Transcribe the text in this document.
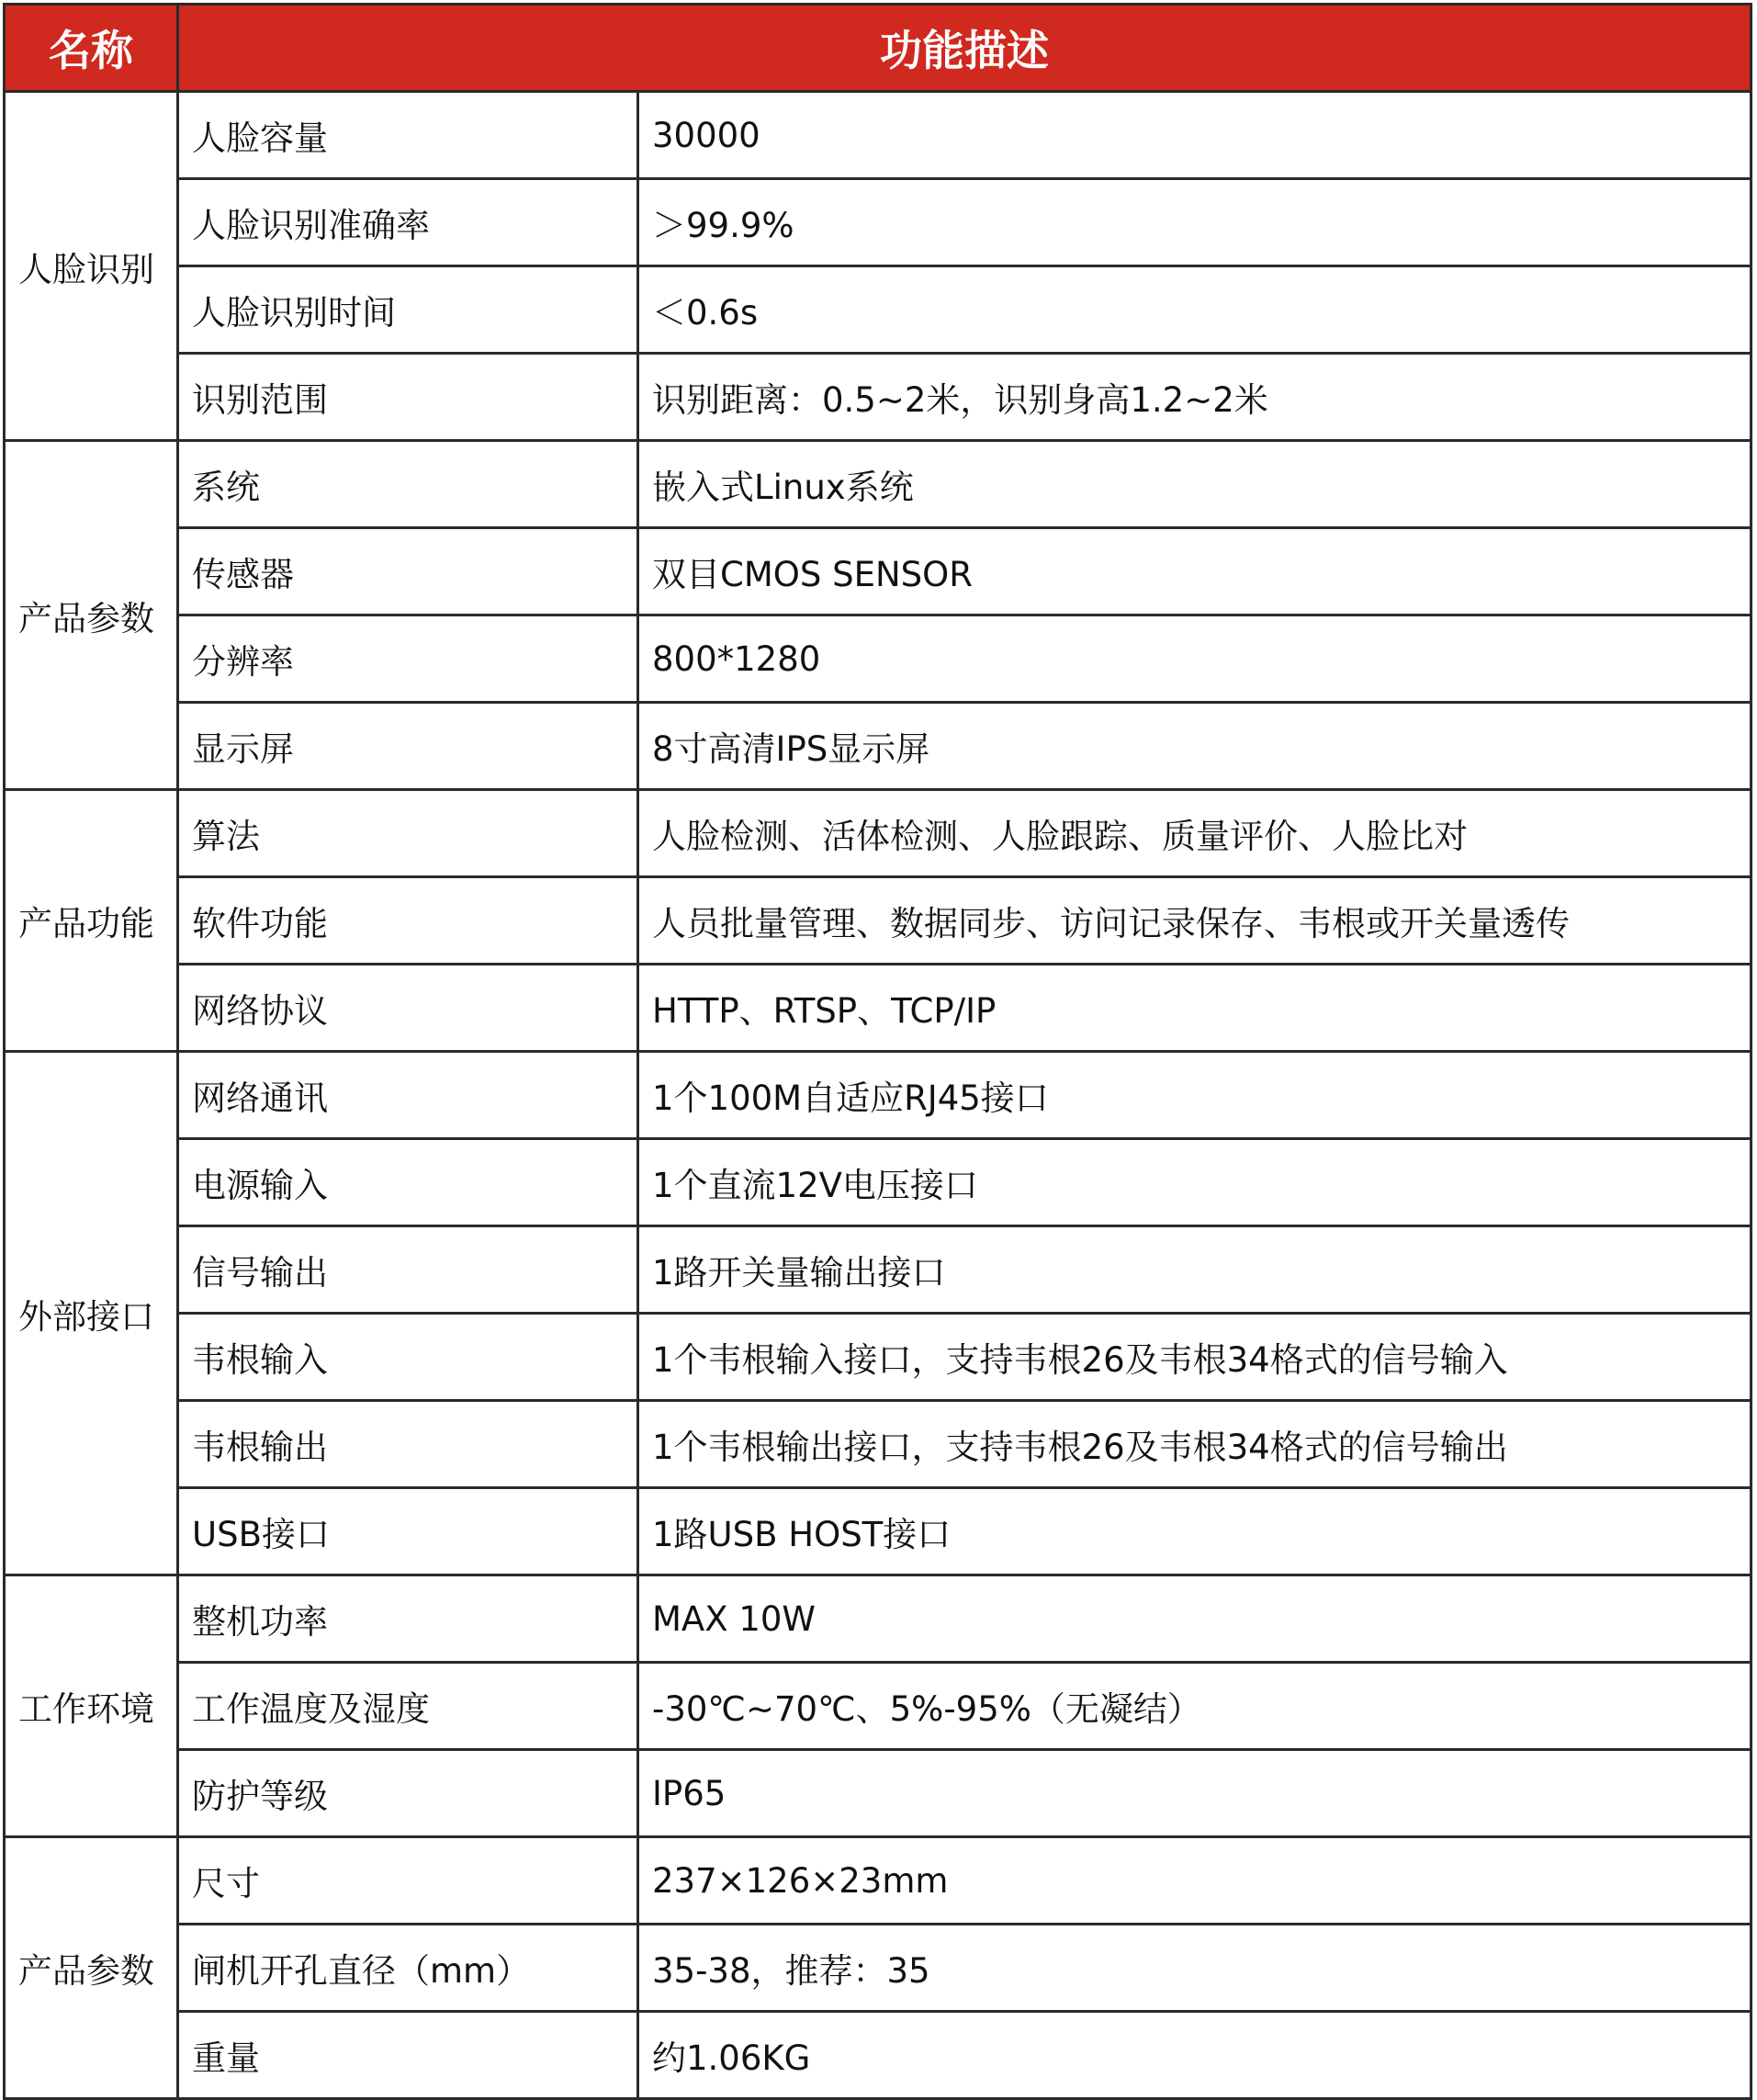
名称	功能描述	
人脸识别	人脸容量	30000
	人脸识别准确率	＞99.9%
	人脸识别时间	＜0.6s
	识别范围	识别距离：0.5~2米，识别身高1.2~2米
产品参数	系统	嵌入式Linux系统
	传感器	双目CMOS SENSOR
	分辨率	800*1280
	显示屏	8寸高清IPS显示屏
产品功能	算法	人脸检测、活体检测、人脸跟踪、质量评价、人脸比对
	软件功能	人员批量管理、数据同步、访问记录保存、韦根或开关量透传
	网络协议	HTTP、RTSP、TCP/IP
外部接口	网络通讯	1个100M自适应RJ45接口
	电源输入	1个直流12V电压接口
	信号输出	1路开关量输出接口
	韦根输入	1个韦根输入接口，支持韦根26及韦根34格式的信号输入
	韦根输出	1个韦根输出接口，支持韦根26及韦根34格式的信号输出
	USB接口	1路USB HOST接口
工作环境	整机功率	MAX 10W
	工作温度及湿度	-30℃~70℃、5%-95%（无凝结）
	防护等级	IP65
产品参数	尺寸	237×126×23mm
	闸机开孔直径（mm）	35-38，推荐：35
	重量	约1.06KG
